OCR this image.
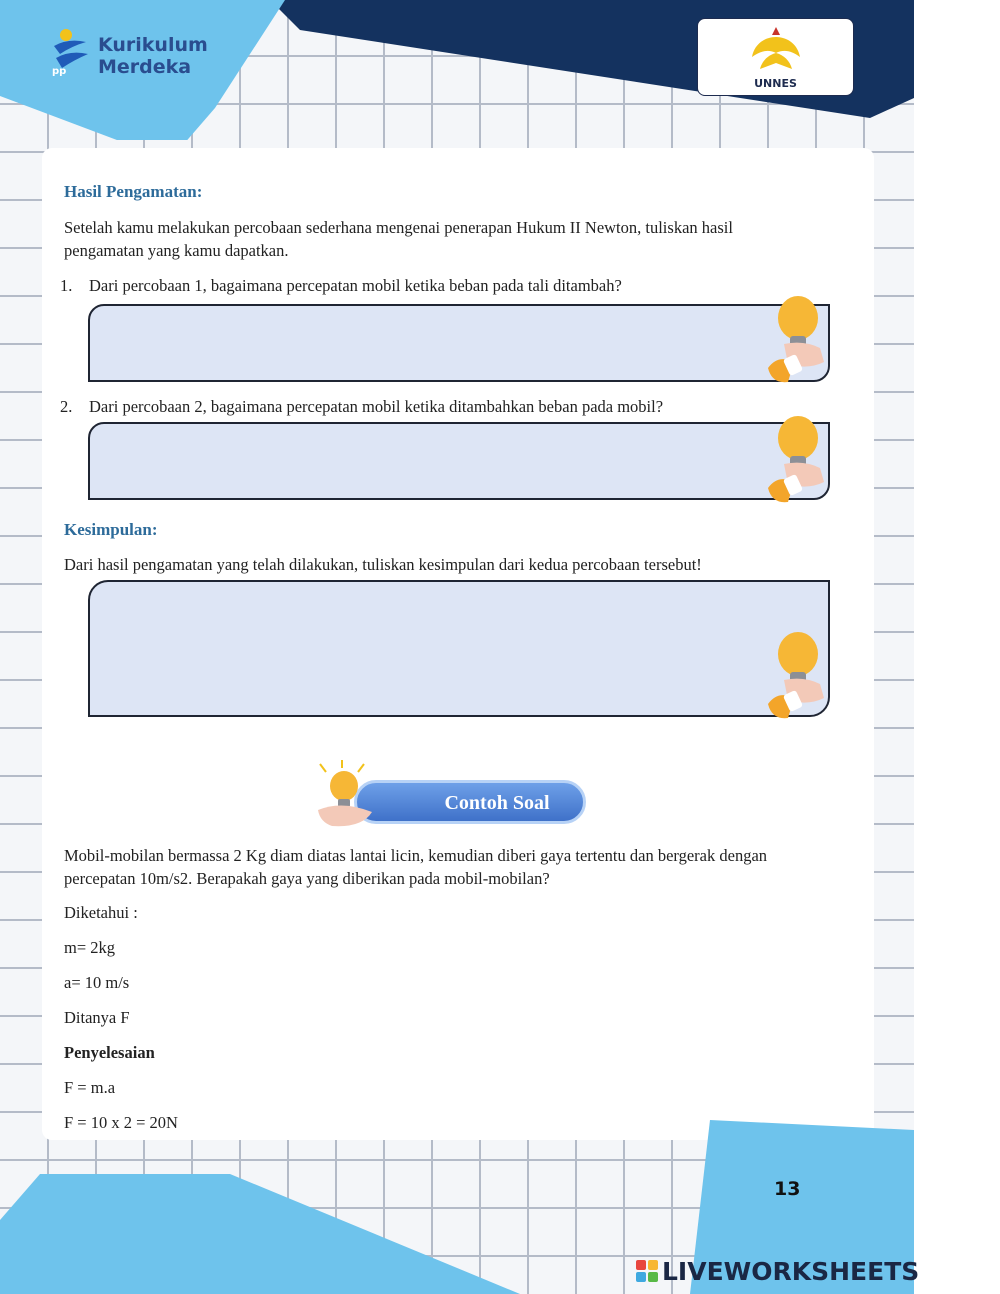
pp
Kurikulum
Merdeka
UNNES
Hasil Pengamatan:
Setelah kamu melakukan percobaan sederhana mengenai penerapan Hukum II Newton, tuliskan hasil
pengamatan yang kamu dapatkan.
1. Dari percobaan 1, bagaimana percepatan mobil ketika beban pada tali ditambah?
2. Dari percobaan 2, bagaimana percepatan mobil ketika ditambahkan beban pada mobil?
Kesimpulan:
Dari hasil pengamatan yang telah dilakukan, tuliskan kesimpulan dari kedua percobaan tersebut!
Contoh Soal
Mobil-mobilan bermassa 2 Kg diam diatas lantai licin, kemudian diberi gaya tertentu dan bergerak dengan
percepatan 10m/s2. Berapakah gaya yang diberikan pada mobil-mobilan?
Diketahui :
m= 2kg
a= 10 m/s
Ditanya F
Penyelesaian
F = m.a
F = 10 x 2 = 20N
13
LIVEWORKSHEETS
